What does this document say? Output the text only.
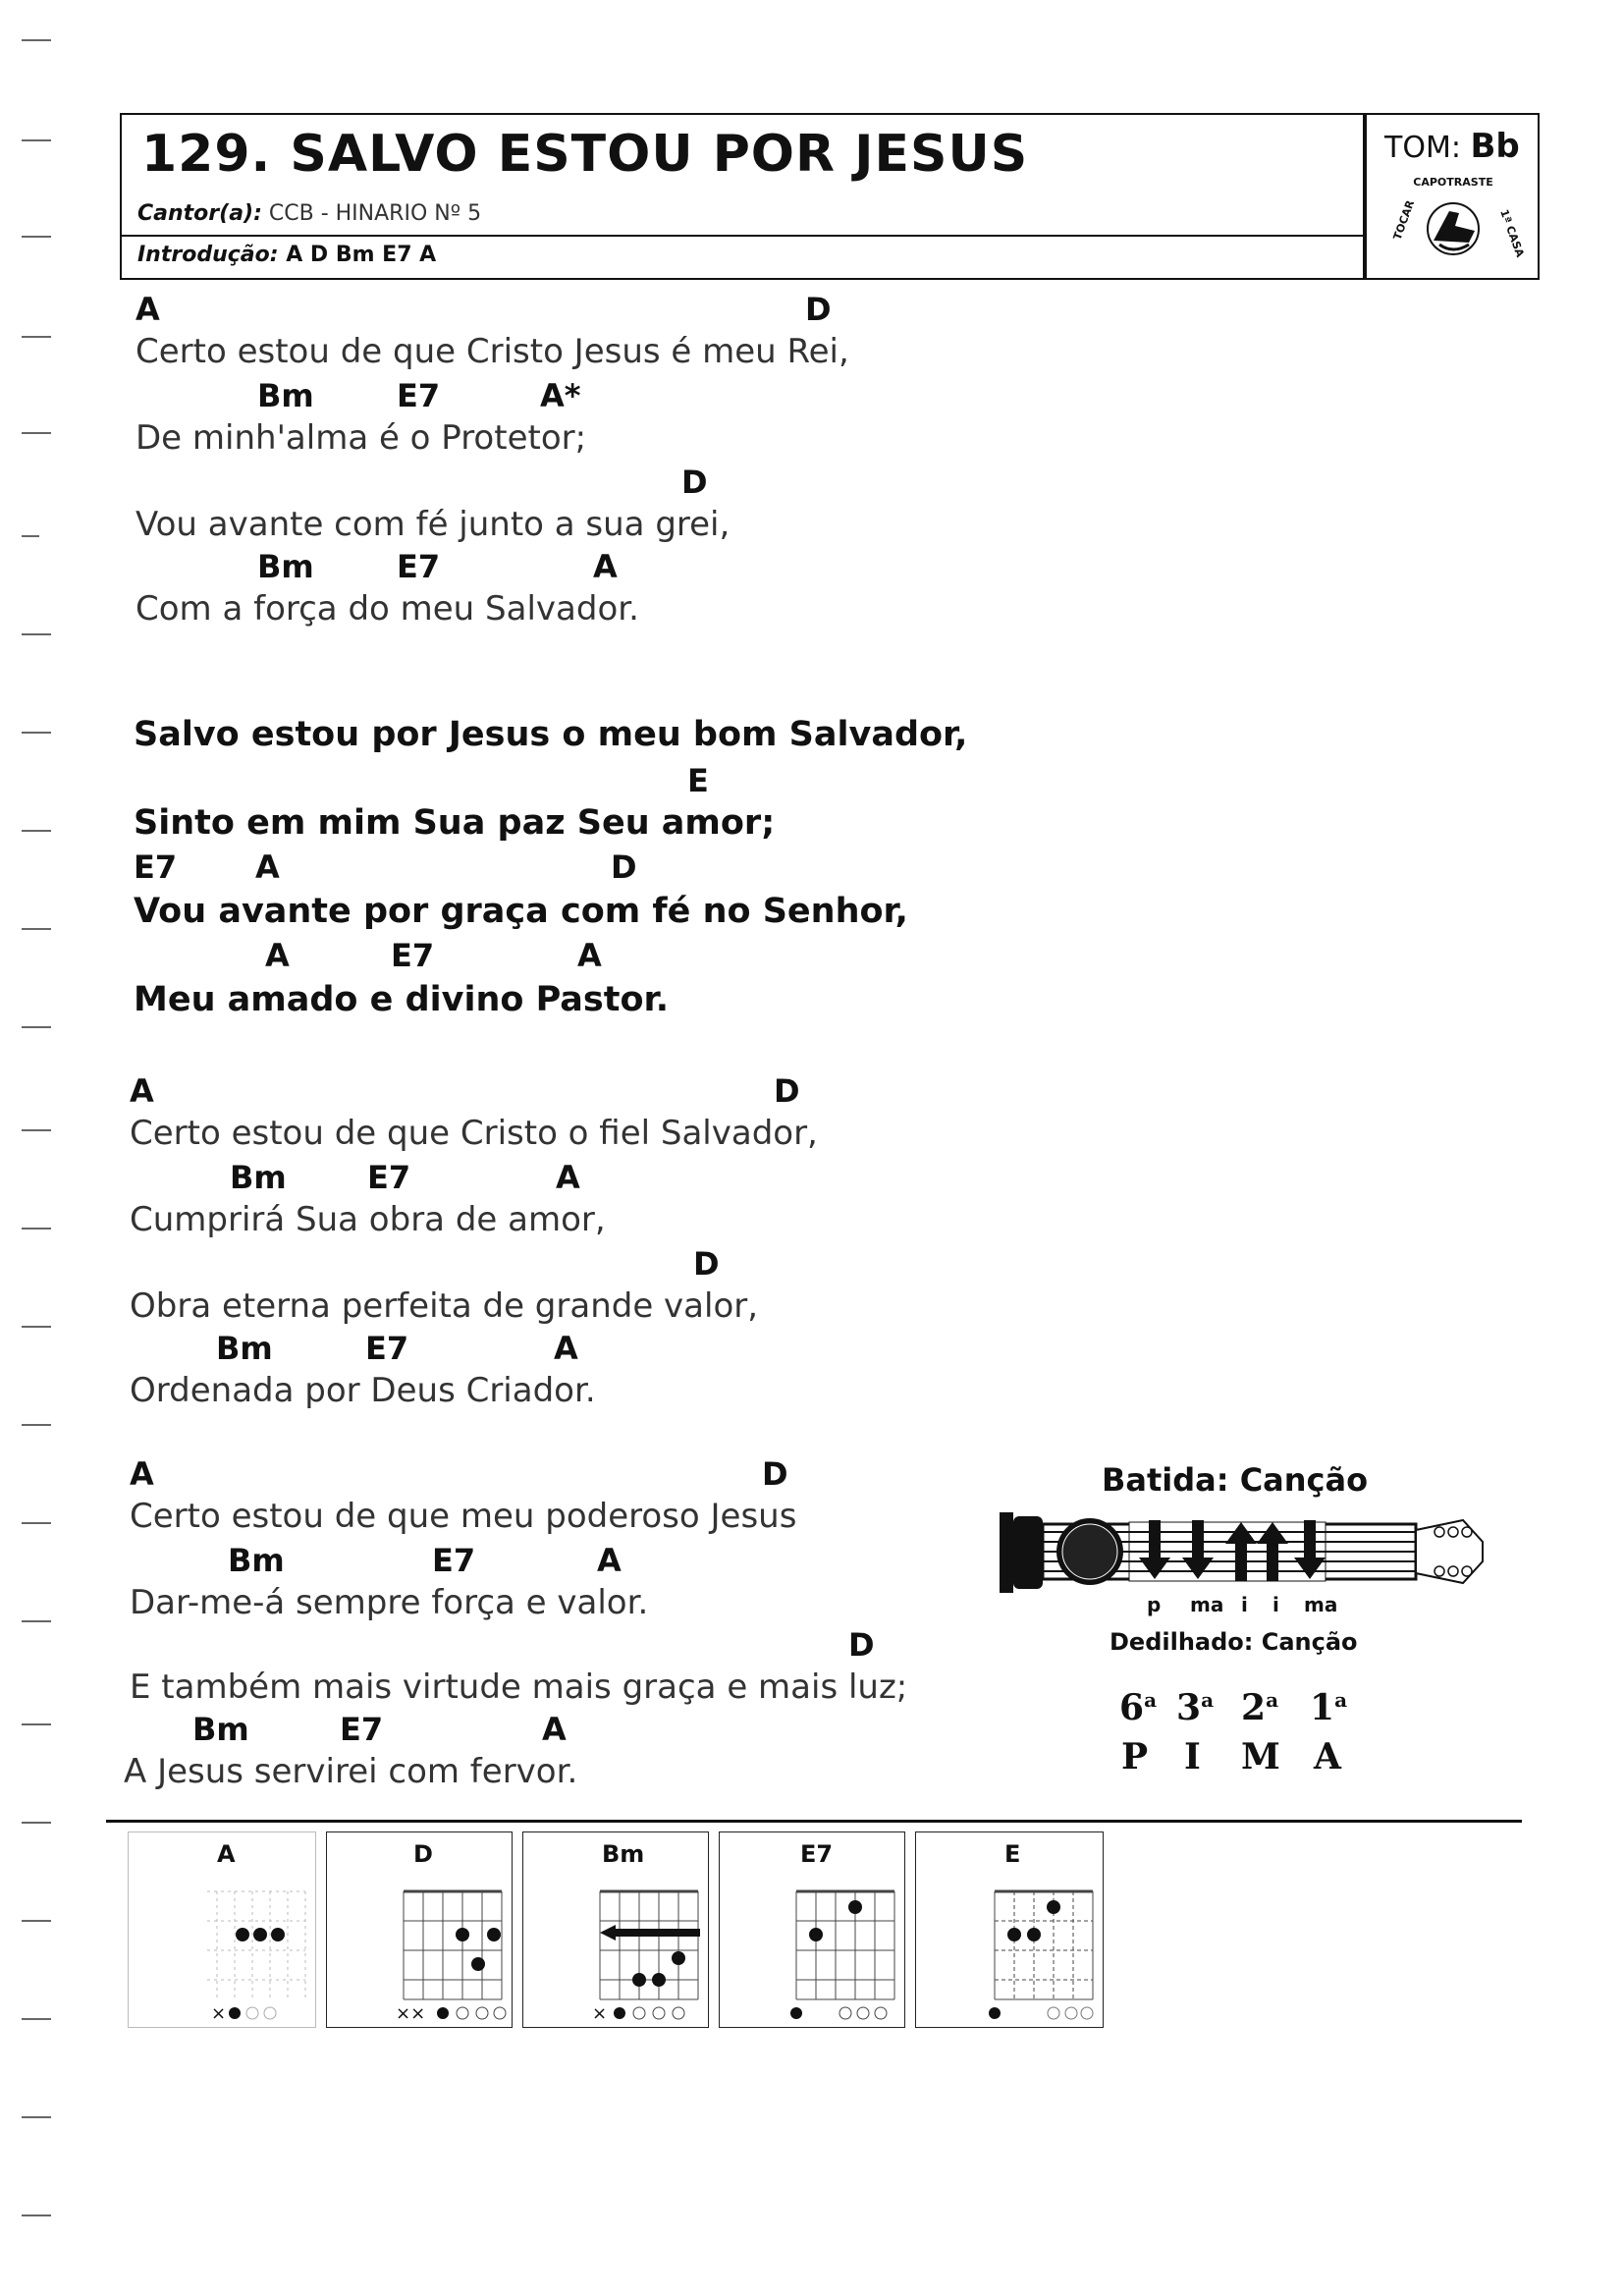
129. SALVO ESTOU POR JESUS
Cantor(a): CCB - HINARIO Nº 5
Introdução: A D Bm E7 A
TOM: Bb
CAPOTRASTE
TOCAR	1ª CASA
A	D
Certo estou de que Cristo Jesus é meu Rei,
Bm	E7	A*
De minh'alma é o Protetor;
D
Vou avante com fé junto a sua grei,
Bm	E7	A
Com a força do meu Salvador.
Salvo estou por Jesus o meu bom Salvador,
E
Sinto em mim Sua paz Seu amor;
E7 A	D
Vou avante por graça com fé no Senhor,
A	E7	A
Meu amado e divino Pastor.
A	D
Certo estou de que Cristo o fiel Salvador,
Bm	E7	A
Cumprirá Sua obra de amor,
D
Obra eterna perfeita de grande valor,
Bm	E7	A
Ordenada por Deus Criador.
A	D
Certo estou de que meu poderoso Jesus
Bm	E7	A
Dar-me-á sempre força e valor.
D
E também mais virtude mais graça e mais luz;
Bm	E7	A
A Jesus servirei com fervor.
Batida: Canção
p ma i i ma
Dedilhado: Canção
6$^a$ 3$^a$ 2$^a$ 1$^a$
P I M A
A
×
D
××
Bm
×
E7	E
